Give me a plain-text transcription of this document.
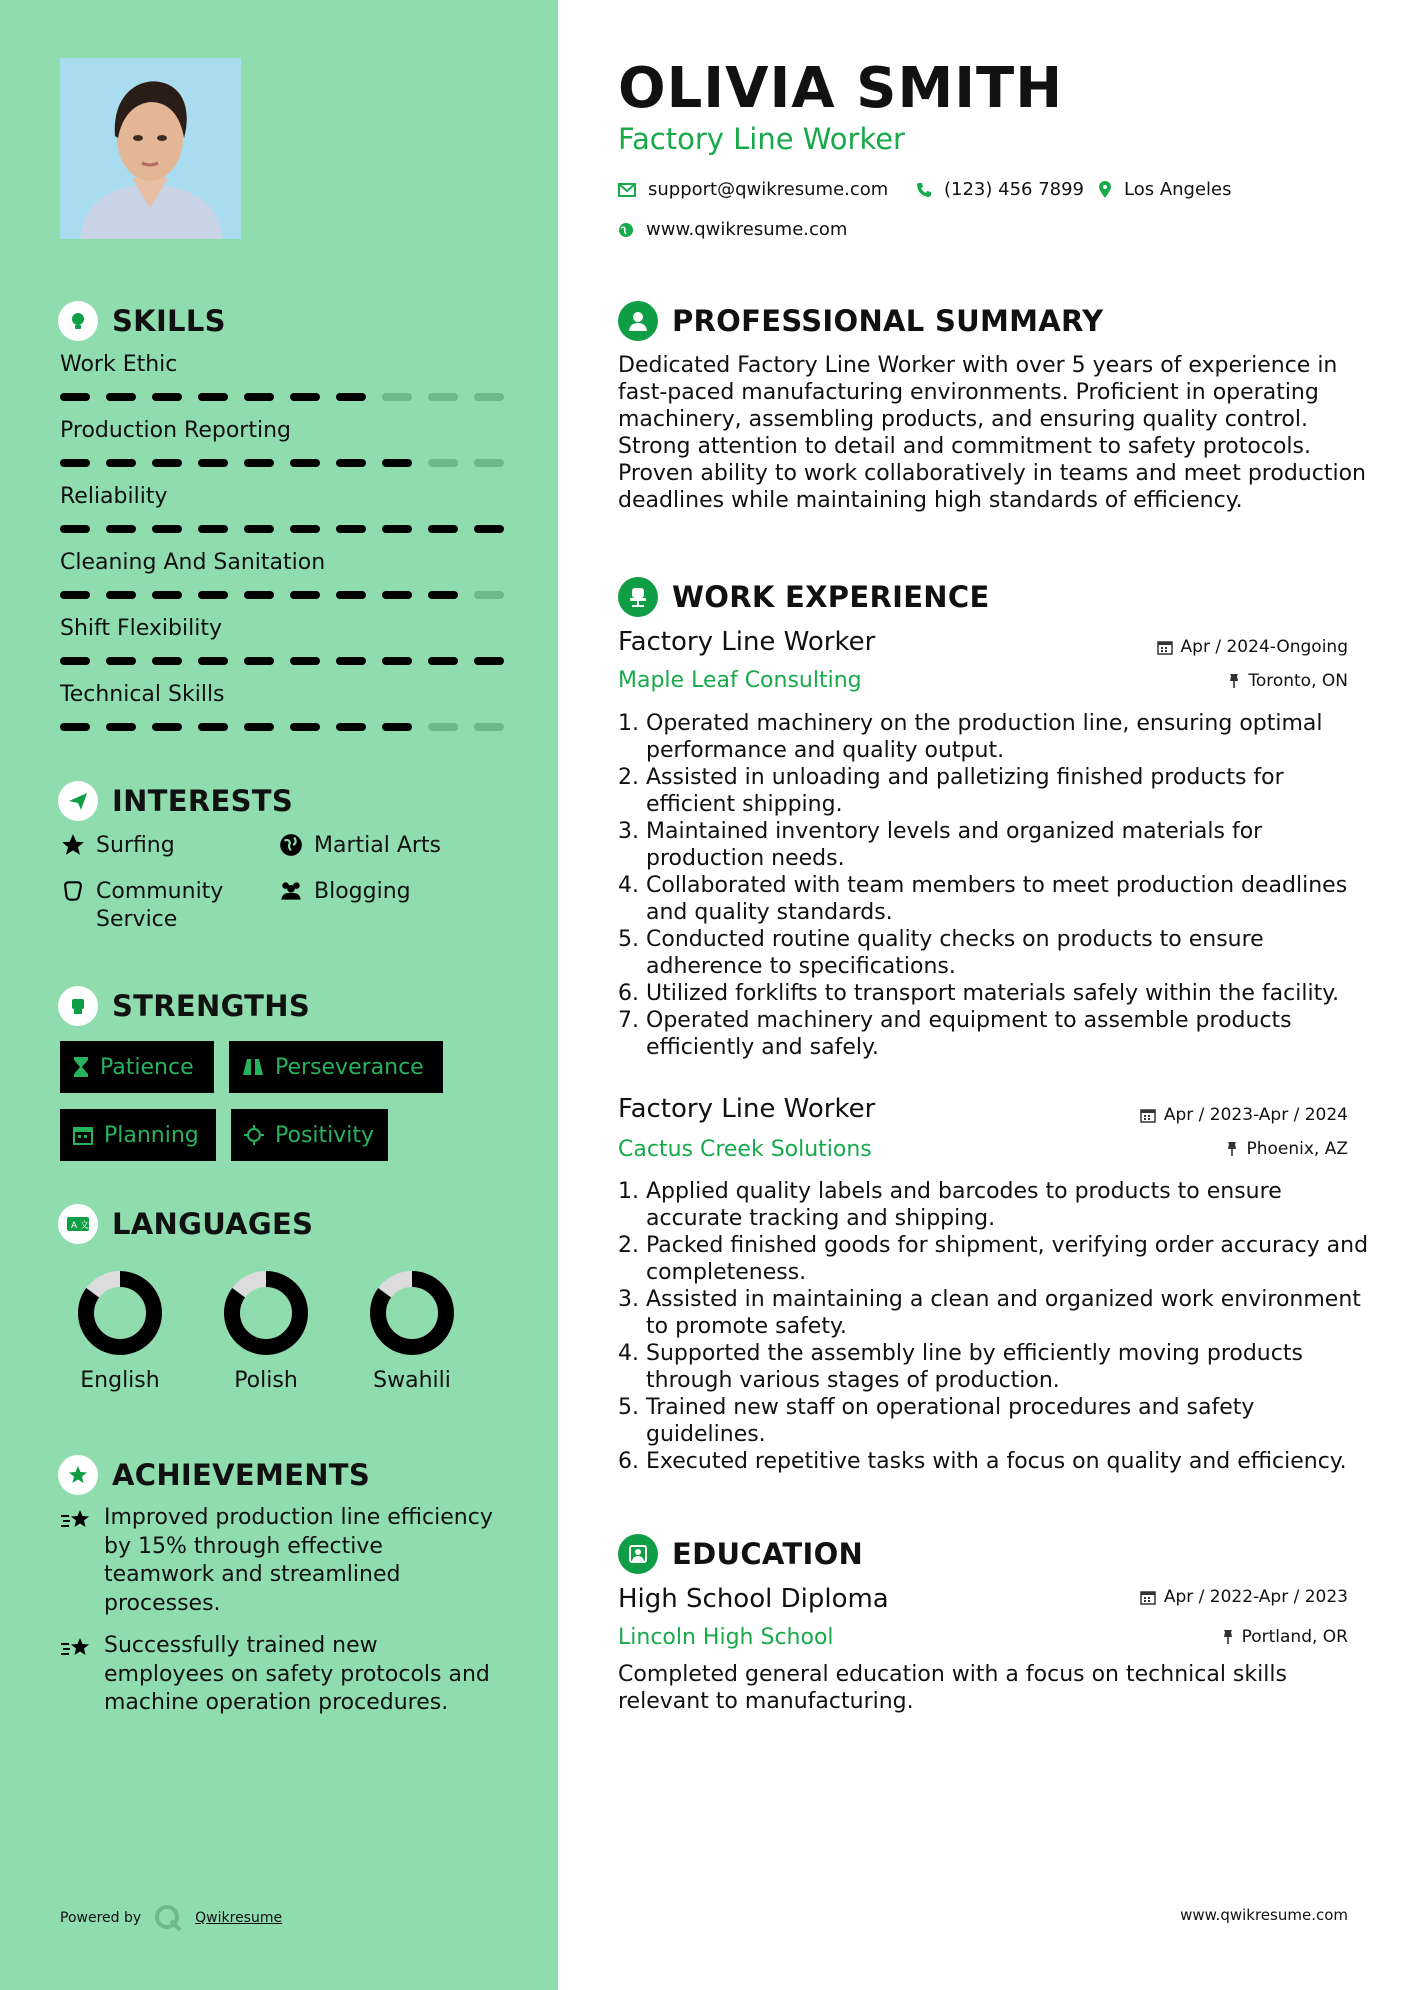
SKILLS
Work Ethic
Production Reporting
Reliability
Cleaning And Sanitation
Shift Flexibility
Technical Skills
INTERESTS
Surfing	Martial Arts
Community Service
Blogging
STRENGTHS
Patience	Perseverance
Planning	Positivity
A 文 LANGUAGES
English	Polish	Swahili
ACHIEVEMENTS
Improved production line efficiency by 15% through effective teamwork and streamlined processes.
Successfully trained new employees on safety protocols and machine operation procedures.
Powered by	Qwikresume
OLIVIA SMITH
Factory Line Worker
support@qwikresume.com	(123) 456 7899 Los Angeles
www.qwikresume.com
PROFESSIONAL SUMMARY
Dedicated Factory Line Worker with over 5 years of experience in fast-paced manufacturing environments. Proficient in operating machinery, assembling products, and ensuring quality control. Strong attention to detail and commitment to safety protocols. Proven ability to work collaboratively in teams and meet production deadlines while maintaining high standards of efficiency.
WORK EXPERIENCE
Factory Line Worker	Apr / 2024-Ongoing
Maple Leaf Consulting	Toronto, ON
1. Operated machinery on the production line, ensuring optimal performance and quality output.
2. Assisted in unloading and palletizing finished products for efficient shipping.
3. Maintained inventory levels and organized materials for production needs.
4. Collaborated with team members to meet production deadlines and quality standards.
5. Conducted routine quality checks on products to ensure adherence to specifications.
6. Utilized forklifts to transport materials safely within the facility.
7. Operated machinery and equipment to assemble products efficiently and safely.
Factory Line Worker	Apr / 2023-Apr / 2024
Cactus Creek Solutions	Phoenix, AZ
1. Applied quality labels and barcodes to products to ensure accurate tracking and shipping.
2. Packed finished goods for shipment, verifying order accuracy and completeness.
3. Assisted in maintaining a clean and organized work environment to promote safety.
4. Supported the assembly line by efficiently moving products through various stages of production.
5. Trained new staff on operational procedures and safety guidelines.
6. Executed repetitive tasks with a focus on quality and efficiency.
EDUCATION
High School Diploma	Apr / 2022-Apr / 2023
Lincoln High School	Portland, OR
Completed general education with a focus on technical skills relevant to manufacturing.
www.qwikresume.com
